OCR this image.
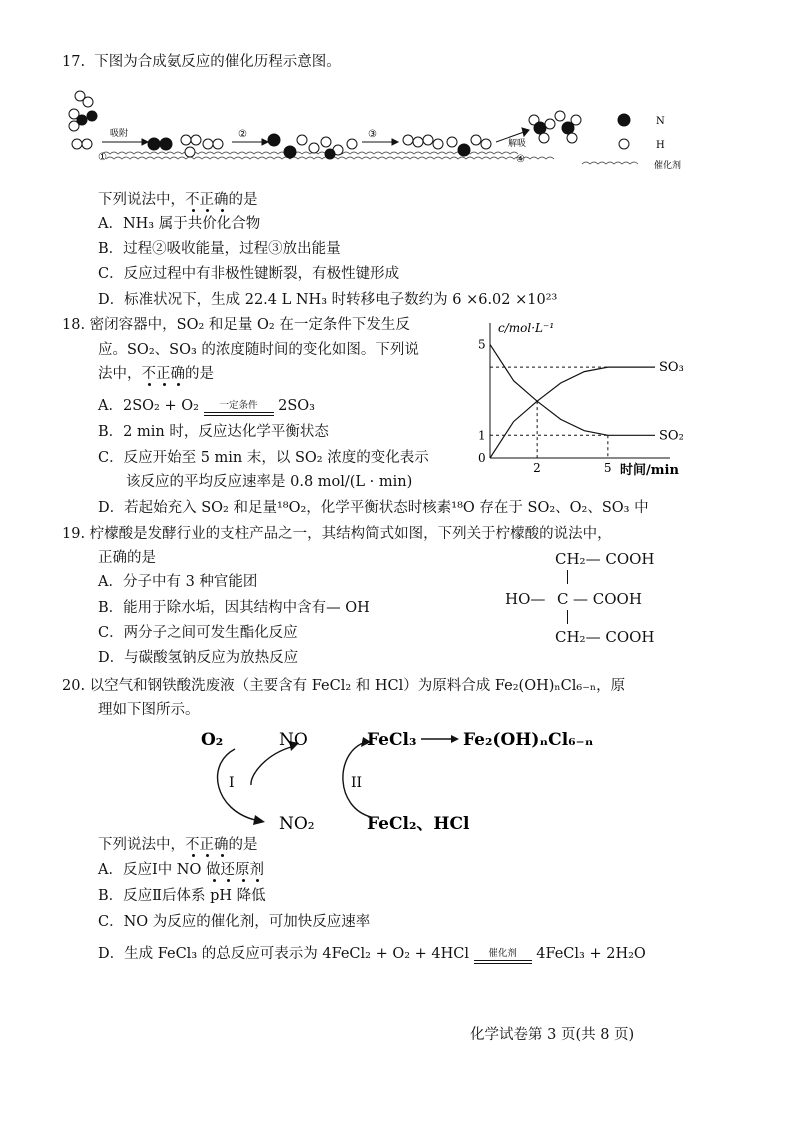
17. 下图为合成氨反应的催化历程示意图。
吸附
①
②	③
解吸
④
N
H
催化剂
下列说法中，不正确的是
A．NH₃ 属于共价化合物
B．过程②吸收能量，过程③放出能量
C．反应过程中有非极性键断裂，有极性键形成
D．标准状况下，生成 22.4 L NH₃ 时转移电子数约为 6 ×6.02 ×10²³
18. 密闭容器中，SO₂ 和足量 O₂ 在一定条件下发生反
应。SO₂、SO₃ 的浓度随时间的变化如图。下列说
法中，不正确的是
A．2SO₂ + O₂	一定条件	2SO₃
B．2 min 时，反应达化学平衡状态
C．反应开始至 5 min 末，以 SO₂ 浓度的变化表示
该反应的平均反应速率是 0.8 mol/(L · min)
D．若起始充入 SO₂ 和足量¹⁸O₂，化学平衡状态时核素¹⁸O 存在于 SO₂、O₂、SO₃ 中
c/mol·L⁻¹
时间/min
0
2	5
5
1
SO₃
SO₂
19. 柠檬酸是发酵行业的支柱产品之一，其结构简式如图，下列关于柠檬酸的说法中，
正确的是
A．分子中有 3 种官能团
B．能用于除水垢，因其结构中含有— OH
C．两分子之间可发生酯化反应
D．与碳酸氢钠反应为放热反应
CH₂— COOH
HO— C — COOH
CH₂— COOH
20. 以空气和钢铁酸洗废液（主要含有 FeCl₂ 和 HCl）为原料合成 Fe₂(OH)ₙCl₆₋ₙ，原
理如下图所示。
O₂	NO
NO₂
I	II
FeCl₃	Fe₂(OH)ₙCl₆₋ₙ
FeCl₂、HCl
下列说法中，不正确的是
A．反应Ⅰ中 NO 做还原剂
B．反应Ⅱ后体系 pH 降低
C．NO 为反应的催化剂，可加快反应速率
D．生成 FeCl₃ 的总反应可表示为 4FeCl₂ + O₂ + 4HCl	催化剂	4FeCl₃ + 2H₂O
化学试卷第 3 页(共 8 页)
